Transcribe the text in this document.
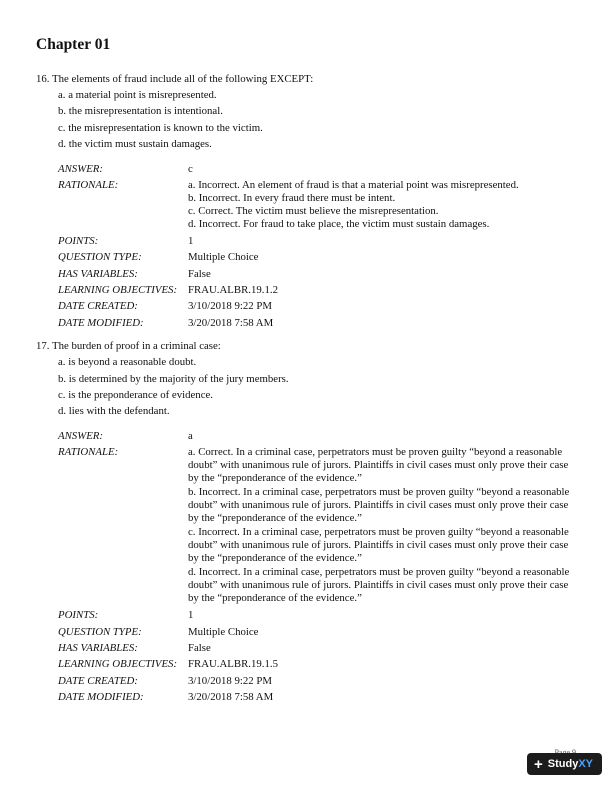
Chapter 01
16. The elements of fraud include all of the following EXCEPT:
a. a material point is misrepresented.
b. the misrepresentation is intentional.
c. the misrepresentation is known to the victim.
d. the victim must sustain damages.
ANSWER:	c
RATIONALE:	a. Incorrect. An element of fraud is that a material point was misrepresented.
b. Incorrect. In every fraud there must be intent.
c. Correct. The victim must believe the misrepresentation.
d. Incorrect. For fraud to take place, the victim must sustain damages.
POINTS:	1
QUESTION TYPE:	Multiple Choice
HAS VARIABLES:	False
LEARNING OBJECTIVES: FRAU.ALBR.19.1.2
DATE CREATED:	3/10/2018 9:22 PM
DATE MODIFIED:	3/20/2018 7:58 AM
17. The burden of proof in a criminal case:
a. is beyond a reasonable doubt.
b. is determined by the majority of the jury members.
c. is the preponderance of evidence.
d. lies with the defendant.
ANSWER:	a
RATIONALE:	a. Correct. In a criminal case, perpetrators must be proven guilty “beyond a reasonable
doubt” with unanimous rule of jurors. Plaintiffs in civil cases must only prove their case
by the “preponderance of the evidence.”
b. Incorrect. In a criminal case, perpetrators must be proven guilty “beyond a reasonable
doubt” with unanimous rule of jurors. Plaintiffs in civil cases must only prove their case
by the “preponderance of the evidence.”
c. Incorrect. In a criminal case, perpetrators must be proven guilty “beyond a reasonable
doubt” with unanimous rule of jurors. Plaintiffs in civil cases must only prove their case
by the “preponderance of the evidence.”
d. Incorrect. In a criminal case, perpetrators must be proven guilty “beyond a reasonable
doubt” with unanimous rule of jurors. Plaintiffs in civil cases must only prove their case
by the “preponderance of the evidence.”
POINTS:	1
QUESTION TYPE:	Multiple Choice
HAS VARIABLES:	False
LEARNING OBJECTIVES: FRAU.ALBR.19.1.5
DATE CREATED:	3/10/2018 9:22 PM
DATE MODIFIED:	3/20/2018 7:58 AM
+ StudyXY
